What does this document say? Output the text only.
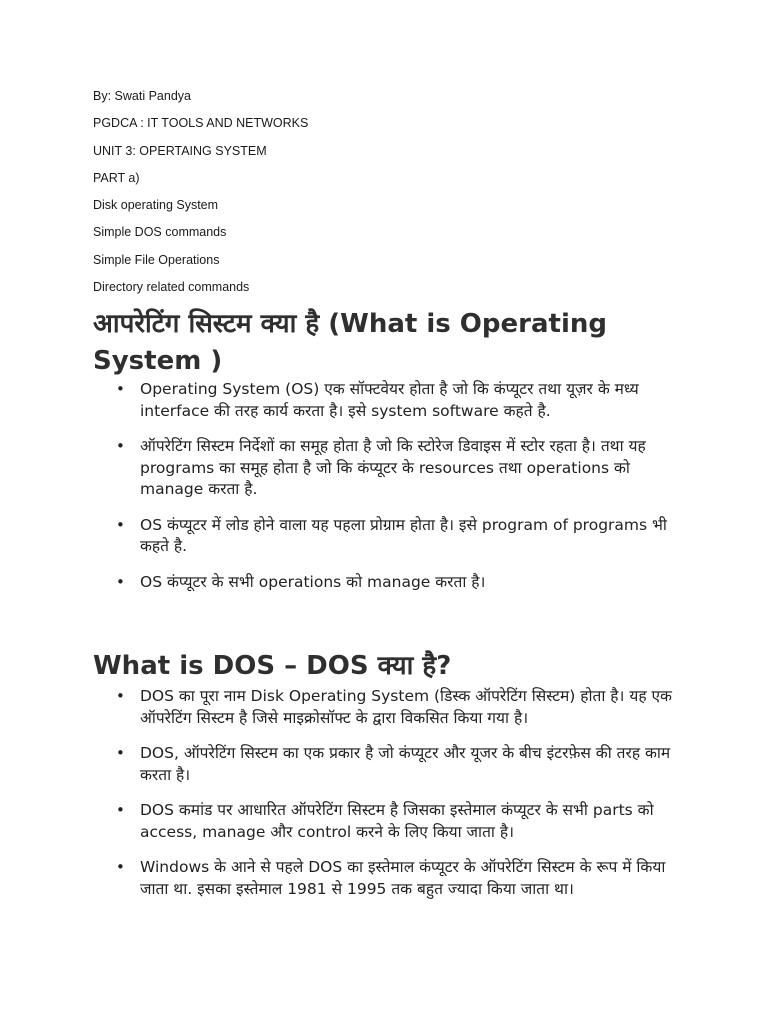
By: Swati Pandya
PGDCA : IT TOOLS AND NETWORKS
UNIT 3: OPERTAING SYSTEM
PART a)
Disk operating System
Simple DOS commands
Simple File Operations
Directory related commands
आपरेटिंग सिस्टम क्या है (What is Operating System )
• Operating System (OS) एक सॉफ्टवेयर होता है जो कि कंप्यूटर तथा यूज़र के मध्य interface की तरह कार्य करता है। इसे system software कहते है.
• ऑपरेटिंग सिस्टम निर्देशों का समूह होता है जो कि स्टोरेज डिवाइस में स्टोर रहता है। तथा यह programs का समूह होता है जो कि कंप्यूटर के resources तथा operations को manage करता है.
• OS कंप्यूटर में लोड होने वाला यह पहला प्रोग्राम होता है। इसे program of programs भी कहते है.
• OS कंप्यूटर के सभी operations को manage करता है।
What is DOS – DOS क्या है?
• DOS का पूरा नाम Disk Operating System (डिस्क ऑपरेटिंग सिस्टम) होता है। यह एक ऑपरेटिंग सिस्टम है जिसे माइक्रोसॉफ्ट के द्वारा विकसित किया गया है।
• DOS, ऑपरेटिंग सिस्टम का एक प्रकार है जो कंप्यूटर और यूजर के बीच इंटरफ़ेस की तरह काम करता है।
• DOS कमांड पर आधारित ऑपरेटिंग सिस्टम है जिसका इस्तेमाल कंप्यूटर के सभी parts को access, manage और control करने के लिए किया जाता है।
• Windows के आने से पहले DOS का इस्तेमाल कंप्यूटर के ऑपरेटिंग सिस्टम के रूप में किया जाता था. इसका इस्तेमाल 1981 से 1995 तक बहुत ज्यादा किया जाता था।
